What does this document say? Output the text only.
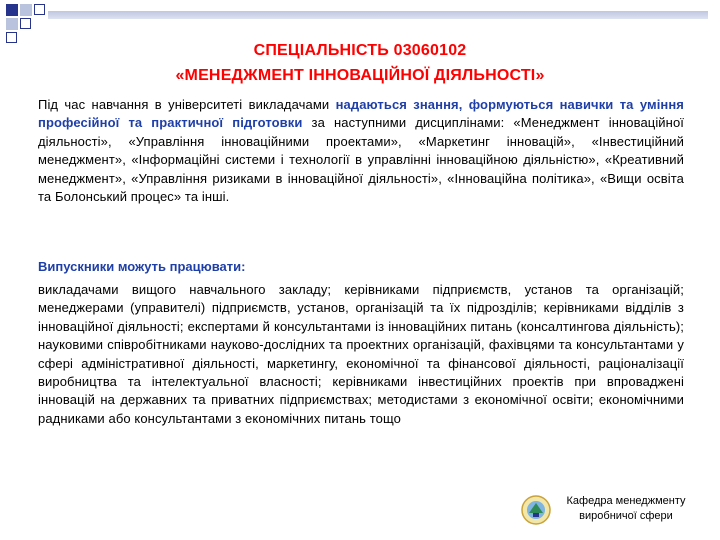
СПЕЦІАЛЬНІСТЬ 03060102
«МЕНЕДЖМЕНТ ІННОВАЦІЙНОЇ ДІЯЛЬНОСТІ»
Під час навчання в університеті викладачами надаються знання, формуються навички та уміння професійної та практичної підготовки за наступними дисциплінами: «Менеджмент інноваційної діяльності», «Управління інноваційними проектами», «Маркетинг інновацій», «Інвестиційний менеджмент», «Інформаційні системи і технології в управлінні інноваційною діяльністю», «Креативний менеджмент», «Управління ризиками в інноваційної діяльності», «Інноваційна політика», «Вищи освіта та Болонський процес» та інші.
Випускники можуть працювати:
викладачами вищого навчального закладу; керівниками підприємств, установ та організацій; менеджерами (управителі) підприємств, установ, організацій та їх підрозділів; керівниками відділів з інноваційної діяльності; експертами й консультантами із інноваційних питань (консалтингова діяльність); науковими співробітниками науково-дослідних та проектних організацій, фахівцями та консультантами у сфері адміністративної діяльності, маркетингу, економічної та фінансової діяльності, раціоналізації виробництва та інтелектуальної власності; керівниками інвестиційних проектів при впроваджені інновацій на державних та приватних підприємствах; методистами з економічної освіти; економічними радниками або консультантами з економічних питань тощо
Кафедра менеджменту
виробничої сфери
